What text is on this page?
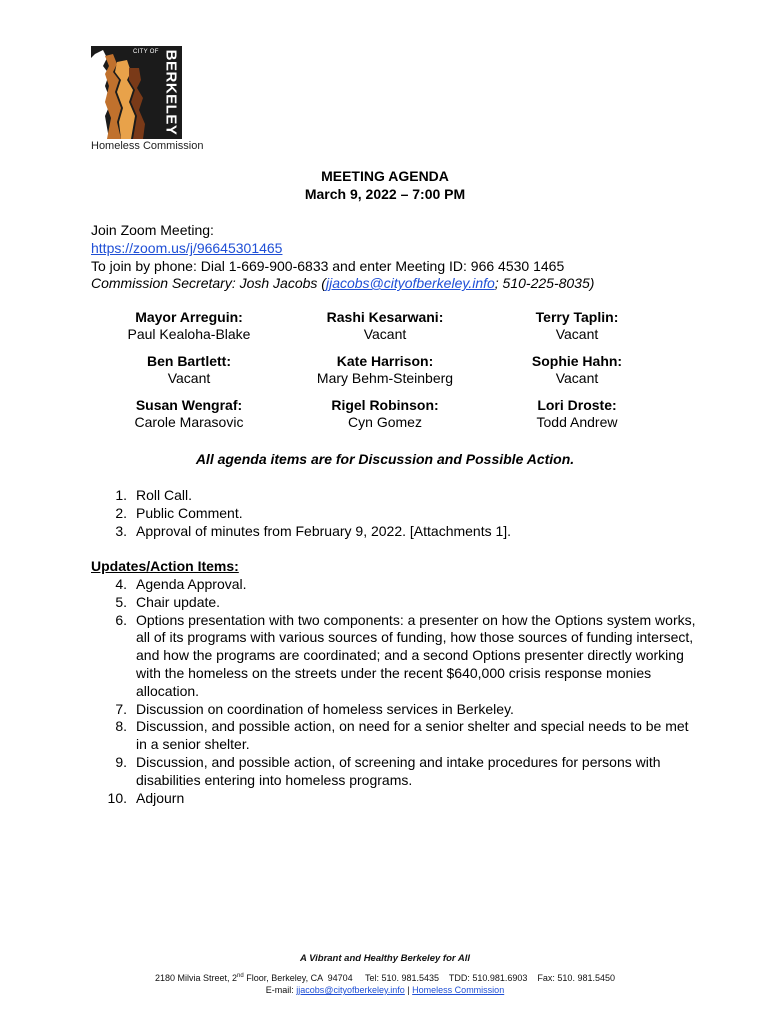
CITY OF BERKELEY
Homeless Commission
MEETING AGENDA
March 9, 2022 – 7:00 PM
Join Zoom Meeting:
https://zoom.us/j/96645301465
To join by phone: Dial 1-669-900-6833 and enter Meeting ID: 966 4530 1465
Commission Secretary: Josh Jacobs (jjacobs@cityofberkeley.info; 510-225-8035)
Mayor Arreguin:
Paul Kealoha-Blake
Rashi Kesarwani:
Vacant
Terry Taplin:
Vacant
Ben Bartlett:
Vacant
Kate Harrison:
Mary Behm-Steinberg
Sophie Hahn:
Vacant
Susan Wengraf:
Carole Marasovic
Rigel Robinson:
Cyn Gomez
Lori Droste:
Todd Andrew
All agenda items are for Discussion and Possible Action.
1. Roll Call.
2. Public Comment.
3. Approval of minutes from February 9, 2022. [Attachments 1].
Updates/Action Items:
4. Agenda Approval.
5. Chair update.
6. Options presentation with two components: a presenter on how the Options system works, all of its programs with various sources of funding, how those sources of funding intersect, and how the programs are coordinated; and a second Options presenter directly working with the homeless on the streets under the recent $640,000 crisis response monies allocation.
7. Discussion on coordination of homeless services in Berkeley.
8. Discussion, and possible action, on need for a senior shelter and special needs to be met in a senior shelter.
9. Discussion, and possible action, of screening and intake procedures for persons with disabilities entering into homeless programs.
10. Adjourn
A Vibrant and Healthy Berkeley for All
2180 Milvia Street, 2nd Floor, Berkeley, CA  94704     Tel: 510. 981.5435    TDD: 510.981.6903    Fax: 510. 981.5450
E-mail: jjacobs@cityofberkeley.info | Homeless Commission
